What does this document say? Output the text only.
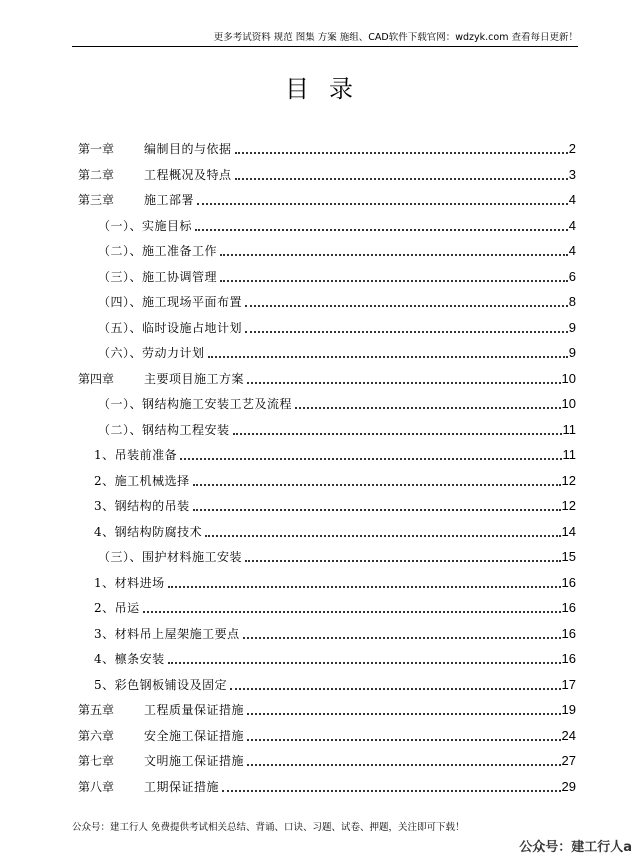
更多考试资料 规范 图集 方案 施组、CAD软件下载官网：wdzyk.com 查看每日更新！
目录
第一章	编制目的与依据	2
第二章	工程概况及特点	3
第三章	施工部署	4
（一）、实施目标	4
（二）、施工准备工作	4
（三）、施工协调管理	6
（四）、施工现场平面布置	8
（五）、临时设施占地计划	9
（六）、劳动力计划	9
第四章	主要项目施工方案	10
（一）、钢结构施工安装工艺及流程	10
（二）、钢结构工程安装	11
1、吊装前准备	11
2、施工机械选择	12
3、钢结构的吊装	12
4、钢结构防腐技术	14
（三）、围护材料施工安装	15
1、材料进场	16
2、吊运	16
3、材料吊上屋架施工要点	16
4、檩条安装	16
5、彩色钢板铺设及固定	17
第五章	工程质量保证措施	19
第六章	安全施工保证措施	24
第七章	文明施工保证措施	27
第八章	工期保证措施	29
公众号：建工行人 免费提供考试相关总结、背诵、口诀、习题、试卷、押题，关注即可下载！
公众号：建工行人a
